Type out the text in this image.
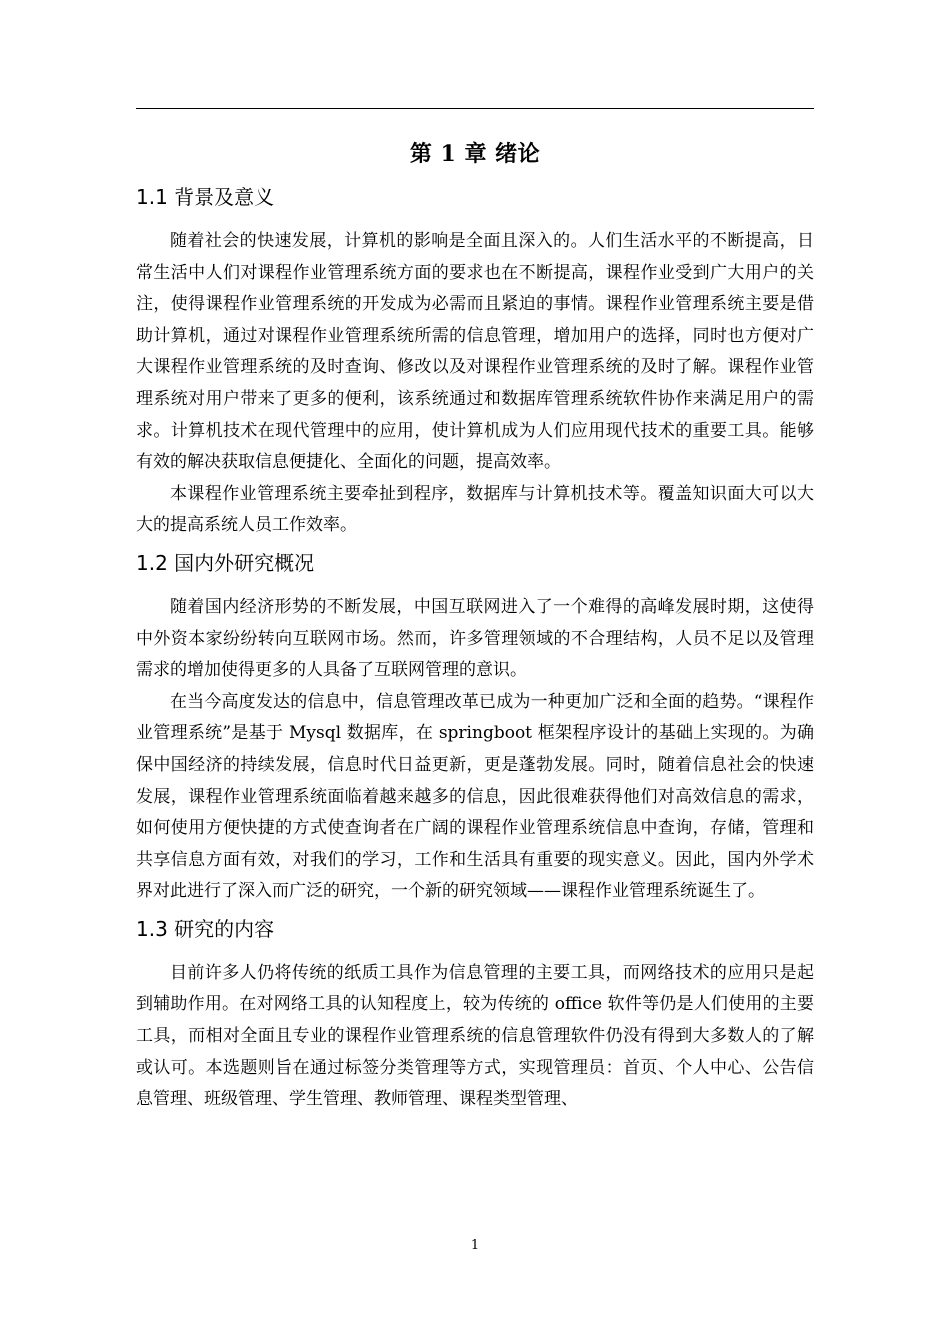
第 1 章 绪论
1.1 背景及意义

随着社会的快速发展，计算机的影响是全面且深入的。人们生活水平的不断提高，日常生活中人们对课程作业管理系统方面的要求也在不断提高，课程作业受到广大用户的关注，使得课程作业管理系统的开发成为必需而且紧迫的事情。课程作业管理系统主要是借助计算机，通过对课程作业管理系统所需的信息管理，增加用户的选择，同时也方便对广大课程作业管理系统的及时查询、修改以及对课程作业管理系统的及时了解。课程作业管理系统对用户带来了更多的便利，该系统通过和数据库管理系统软件协作来满足用户的需求。计算机技术在现代管理中的应用，使计算机成为人们应用现代技术的重要工具。能够有效的解决获取信息便捷化、全面化的问题，提高效率。

本课程作业管理系统主要牵扯到程序，数据库与计算机技术等。覆盖知识面大可以大大的提高系统人员工作效率。

1.2 国内外研究概况

随着国内经济形势的不断发展，中国互联网进入了一个难得的高峰发展时期，这使得中外资本家纷纷转向互联网市场。然而，许多管理领域的不合理结构，人员不足以及管理需求的增加使得更多的人具备了互联网管理的意识。

在当今高度发达的信息中，信息管理改革已成为一种更加广泛和全面的趋势。“课程作业管理系统”是基于 Mysql 数据库，在 springboot 框架程序设计的基础上实现的。为确保中国经济的持续发展，信息时代日益更新，更是蓬勃发展。同时，随着信息社会的快速发展，课程作业管理系统面临着越来越多的信息，因此很难获得他们对高效信息的需求，如何使用方便快捷的方式使查询者在广阔的课程作业管理系统信息中查询，存储，管理和共享信息方面有效，对我们的学习，工作和生活具有重要的现实意义。因此，国内外学术界对此进行了深入而广泛的研究，一个新的研究领域——课程作业管理系统诞生了。

1.3 研究的内容

目前许多人仍将传统的纸质工具作为信息管理的主要工具，而网络技术的应用只是起到辅助作用。在对网络工具的认知程度上，较为传统的 office 软件等仍是人们使用的主要工具，而相对全面且专业的课程作业管理系统的信息管理软件仍没有得到大多数人的了解或认可。本选题则旨在通过标签分类管理等方式，实现管理员：首页、个人中心、公告信息管理、班级管理、学生管理、教师管理、课程类型管理、

1
